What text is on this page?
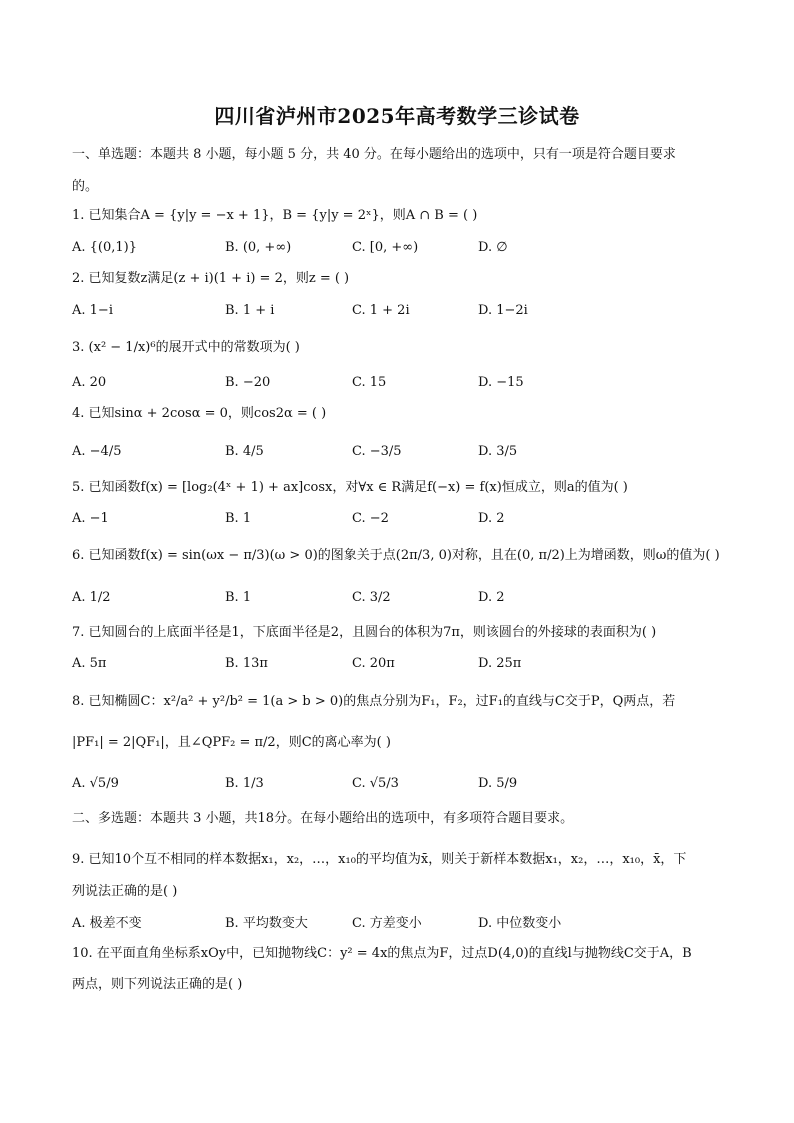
四川省泸州市2025年高考数学三诊试卷
一、单选题：本题共 8 小题，每小题 5 分，共 40 分。在每小题给出的选项中，只有一项是符合题目要求
的。
1. 已知集合A = {y|y = −x + 1}，B = {y|y = 2ˣ}，则A ∩ B = ( )
A. {(0,1)}	B. (0, +∞)	C. [0, +∞)	D. ∅
2. 已知复数z满足(z + i)(1 + i) = 2，则z = ( )
A. 1−i	B. 1 + i	C. 1 + 2i	D. 1−2i
3. (x² − 1/x)⁶的展开式中的常数项为( )
A. 20	B. −20	C. 15	D. −15
4. 已知sinα + 2cosα = 0，则cos2α = ( )
A. −4/5	B. 4/5	C. −3/5	D. 3/5
5. 已知函数f(x) = [log₂(4ˣ + 1) + ax]cosx，对∀x ∈ R满足f(−x) = f(x)恒成立，则a的值为( )
A. −1	B. 1	C. −2	D. 2
6. 已知函数f(x) = sin(ωx − π/3)(ω > 0)的图象关于点(2π/3, 0)对称，且在(0, π/2)上为增函数，则ω的值为( )
A. 1/2	B. 1	C. 3/2	D. 2
7. 已知圆台的上底面半径是1，下底面半径是2，且圆台的体积为7π，则该圆台的外接球的表面积为( )
A. 5π	B. 13π	C. 20π	D. 25π
8. 已知椭圆C：x²/a² + y²/b² = 1(a > b > 0)的焦点分别为F₁，F₂，过F₁的直线与C交于P，Q两点，若
|PF₁| = 2|QF₁|，且∠QPF₂ = π/2，则C的离心率为( )
A. √5/9	B. 1/3	C. √5/3	D. 5/9
二、多选题：本题共 3 小题，共18分。在每小题给出的选项中，有多项符合题目要求。
9. 已知10个互不相同的样本数据x₁，x₂，…，x₁₀的平均值为x̄，则关于新样本数据x₁，x₂，…，x₁₀，x̄，下
列说法正确的是( )
A. 极差不变	B. 平均数变大	C. 方差变小	D. 中位数变小
10. 在平面直角坐标系xOy中，已知抛物线C：y² = 4x的焦点为F，过点D(4,0)的直线l与抛物线C交于A，B
两点，则下列说法正确的是( )
